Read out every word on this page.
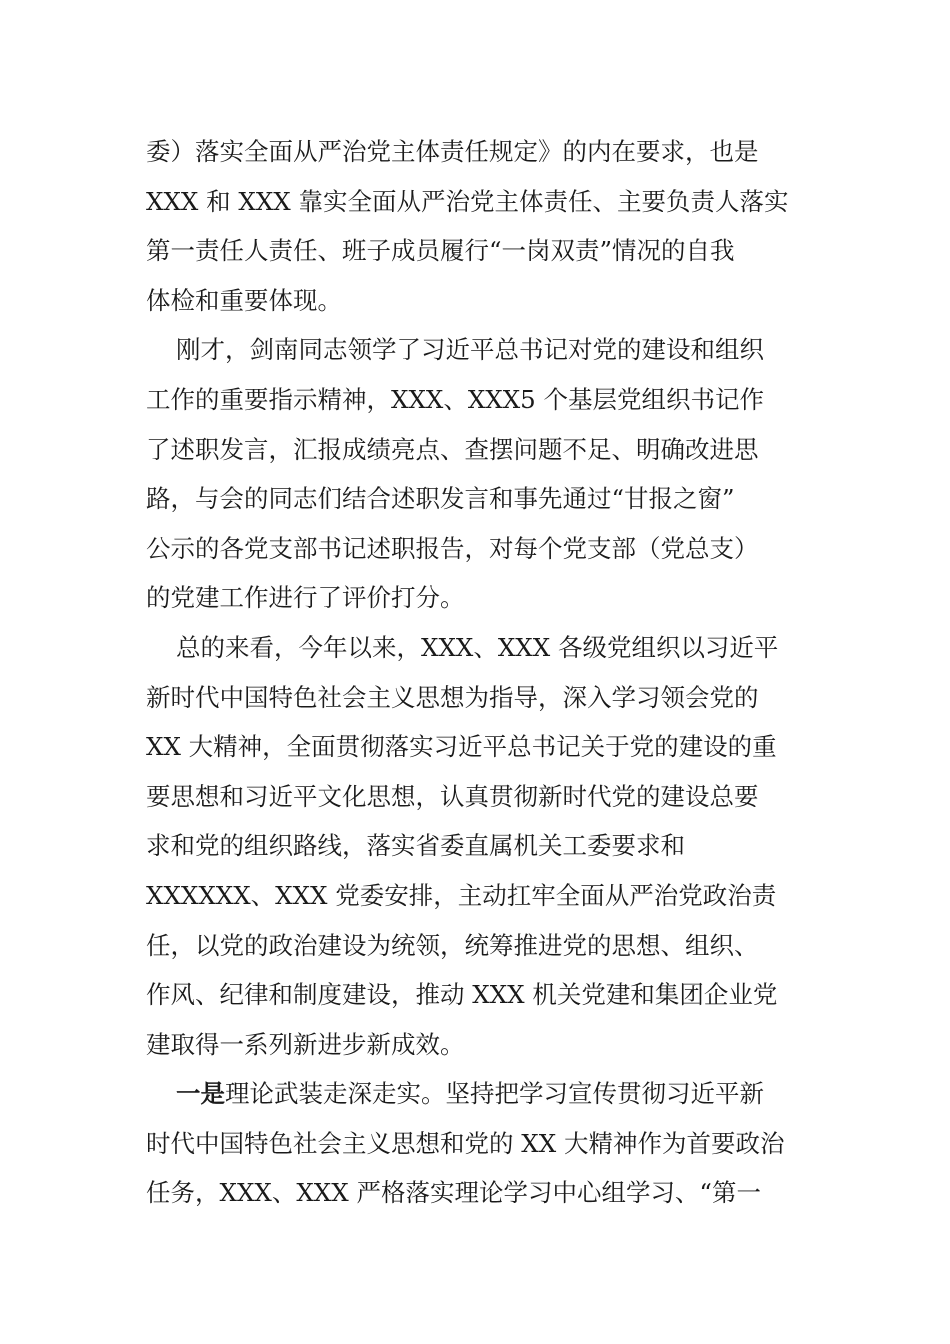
委）落实全面从严治党主体责任规定》的内在要求，也是
XXX 和 XXX 靠实全面从严治党主体责任、主要负责人落实
第一责任人责任、班子成员履行“一岗双责”情况的自我
体检和重要体现。
刚才，剑南同志领学了习近平总书记对党的建设和组织
工作的重要指示精神，XXX、XXX5 个基层党组织书记作
了述职发言，汇报成绩亮点、查摆问题不足、明确改进思
路，与会的同志们结合述职发言和事先通过“甘报之窗”
公示的各党支部书记述职报告，对每个党支部（党总支）
的党建工作进行了评价打分。
总的来看，今年以来，XXX、XXX 各级党组织以习近平
新时代中国特色社会主义思想为指导，深入学习领会党的
XX 大精神，全面贯彻落实习近平总书记关于党的建设的重
要思想和习近平文化思想，认真贯彻新时代党的建设总要
求和党的组织路线，落实省委直属机关工委要求和
XXXXXX、XXX 党委安排，主动扛牢全面从严治党政治责
任，以党的政治建设为统领，统筹推进党的思想、组织、
作风、纪律和制度建设，推动 XXX 机关党建和集团企业党
建取得一系列新进步新成效。
一是理论武装走深走实。坚持把学习宣传贯彻习近平新
时代中国特色社会主义思想和党的 XX 大精神作为首要政治
任务，XXX、XXX 严格落实理论学习中心组学习、“第一
